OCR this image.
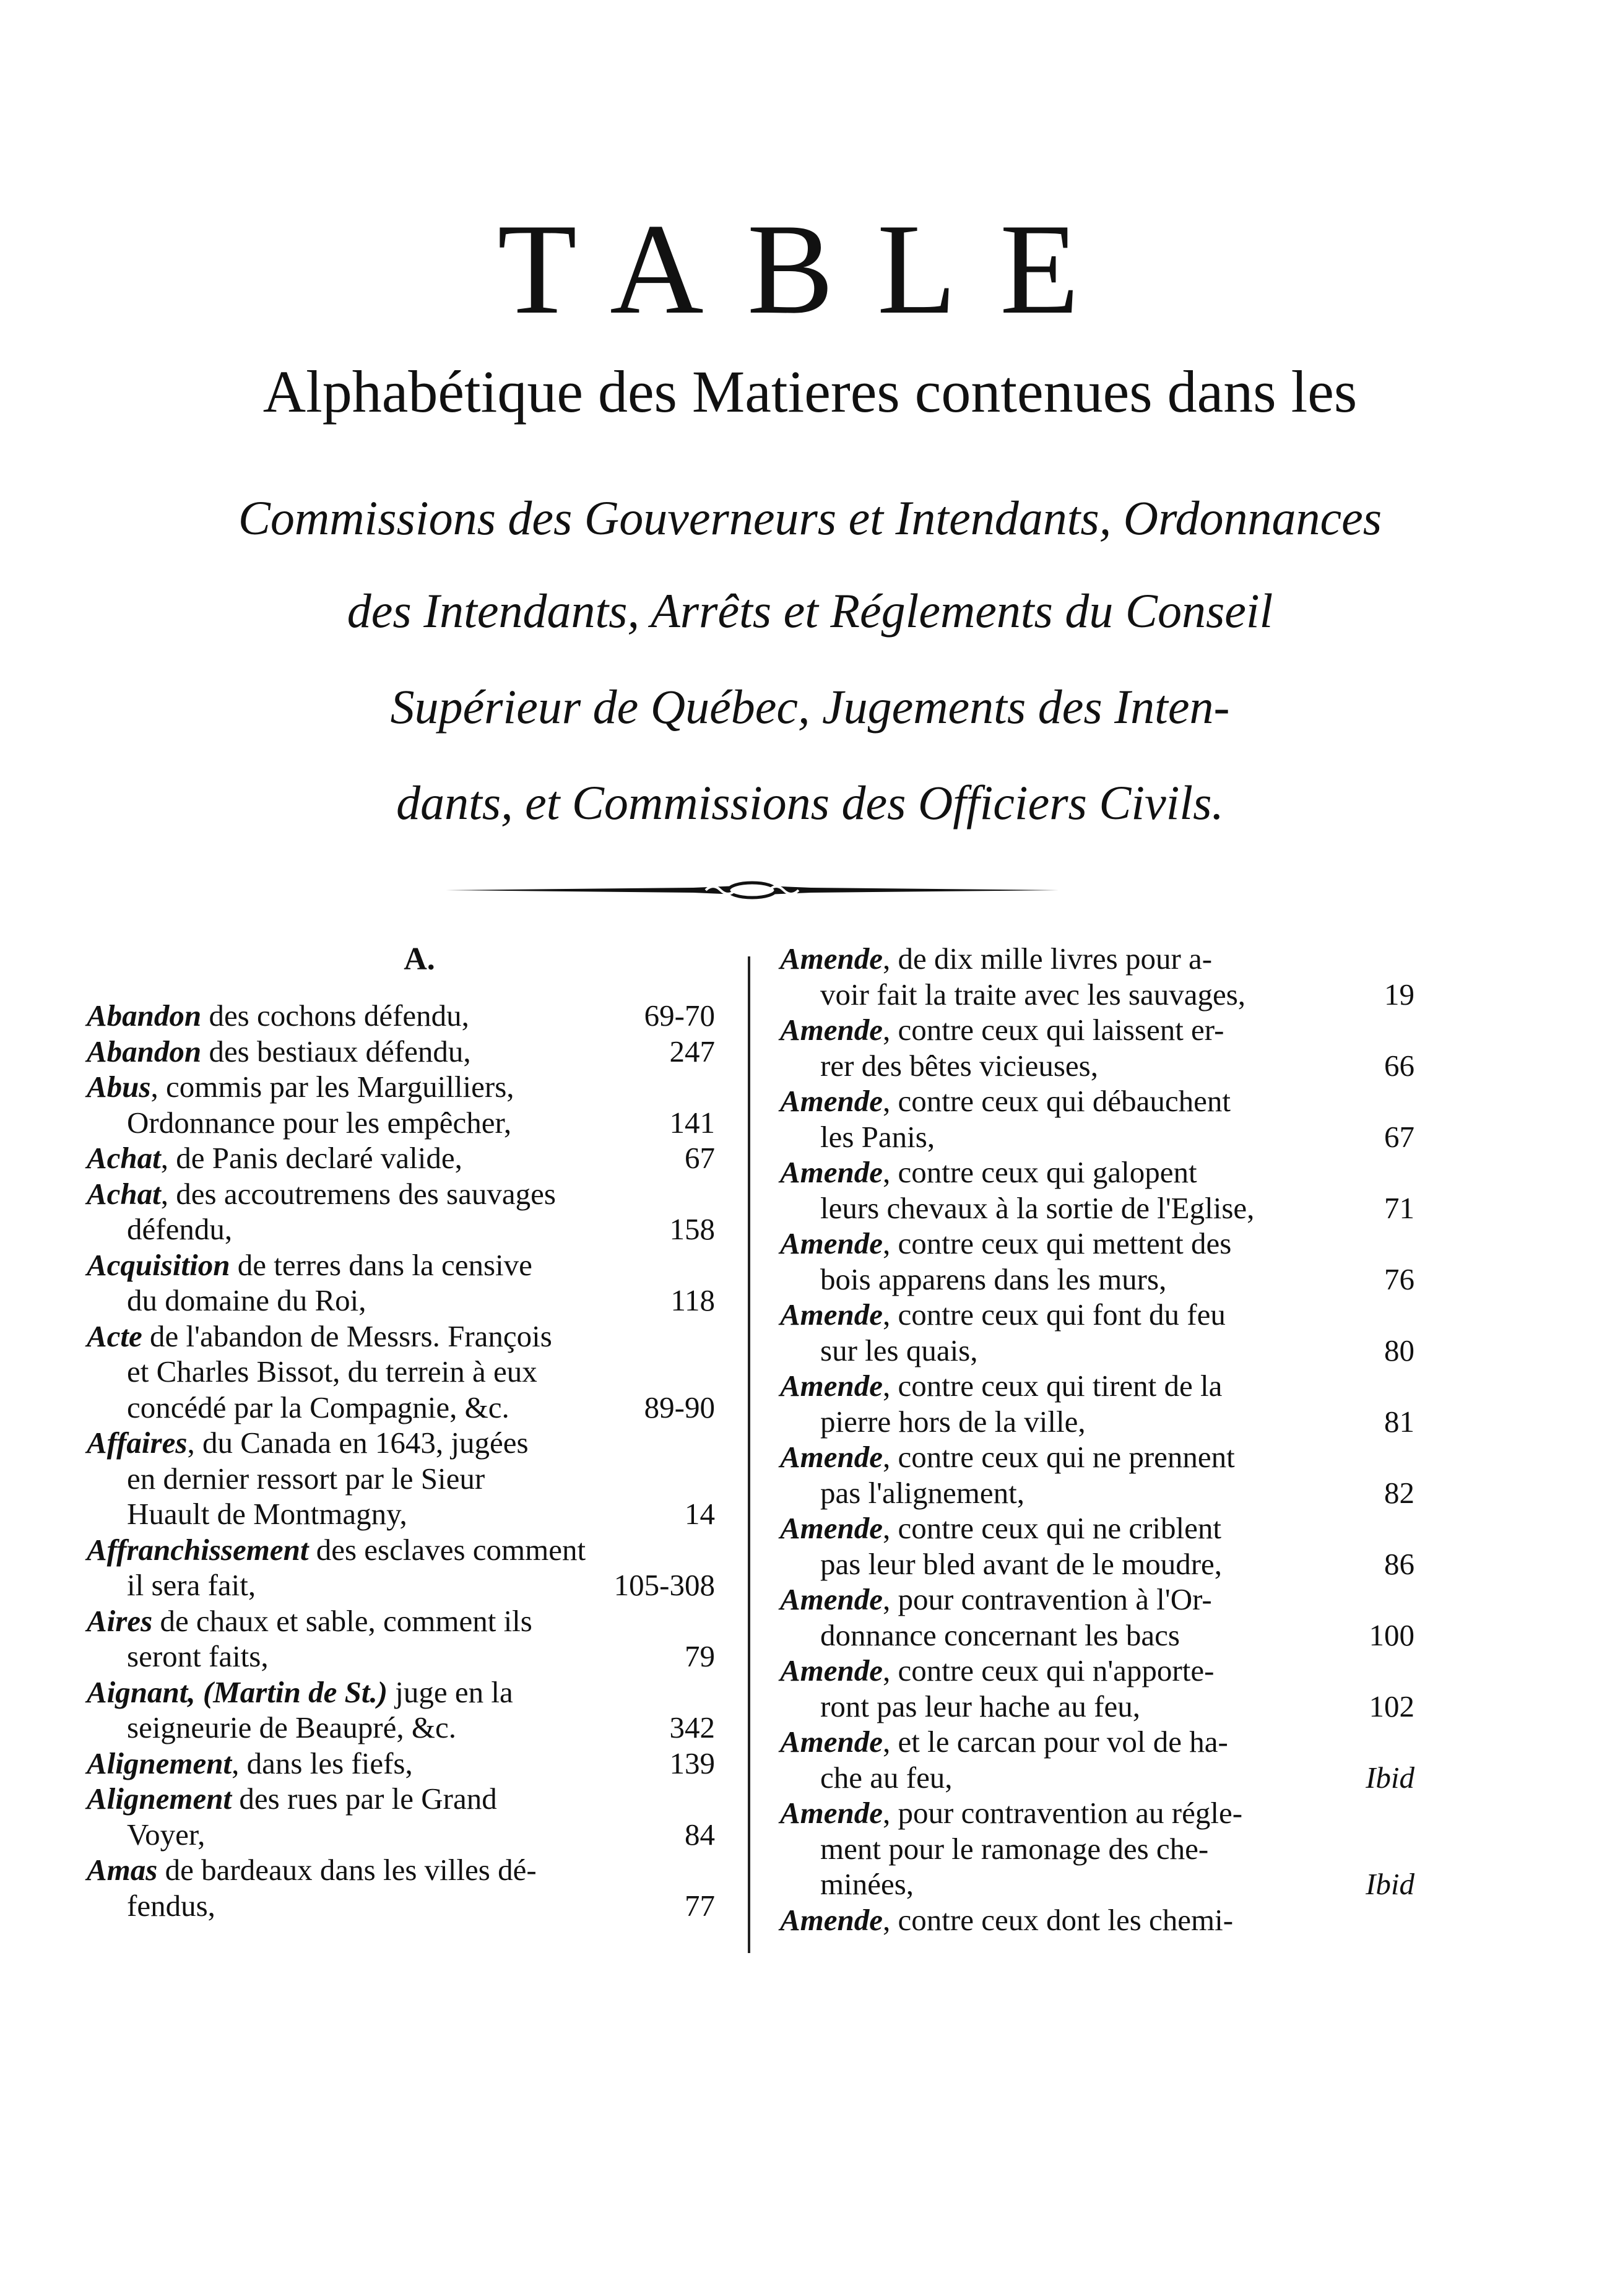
TABLE
Alphabétique des Matieres contenues dans les
Commissions des Gouverneurs et Intendants, Ordonnances
des Intendants, Arrêts et Réglements du Conseil
Supérieur de Québec, Jugements des Inten-
dants, et Commissions des Officiers Civils.
A.
Abandon des cochons défendu,	69-70
Abandon des bestiaux défendu,	247
Abus, commis par les Marguilliers,
Ordonnance pour les empêcher,	141
Achat, de Panis declaré valide,	67
Achat, des accoutremens des sauvages
défendu,	158
Acquisition de terres dans la censive
du domaine du Roi,	118
Acte de l'abandon de Messrs. François
et Charles Bissot, du terrein à eux
concédé par la Compagnie, &c.	89-90
Affaires, du Canada en 1643, jugées
en dernier ressort par le Sieur
Huault de Montmagny,	14
Affranchissement des esclaves comment
il sera fait,	105-308
Aires de chaux et sable, comment ils
seront faits,	79
Aignant, (Martin de St.) juge en la
seigneurie de Beaupré, &c.	342
Alignement, dans les fiefs,	139
Alignement des rues par le Grand
Voyer,	84
Amas de bardeaux dans les villes dé-
fendus,	77
Amende, de dix mille livres pour a-
voir fait la traite avec les sauvages,	19
Amende, contre ceux qui laissent er-
rer des bêtes vicieuses,	66
Amende, contre ceux qui débauchent
les Panis,	67
Amende, contre ceux qui galopent
leurs chevaux à la sortie de l'Eglise,	71
Amende, contre ceux qui mettent des
bois apparens dans les murs,	76
Amende, contre ceux qui font du feu
sur les quais,	80
Amende, contre ceux qui tirent de la
pierre hors de la ville,	81
Amende, contre ceux qui ne prennent
pas l'alignement,	82
Amende, contre ceux qui ne criblent
pas leur bled avant de le moudre,	86
Amende, pour contravention à l'Or-
donnance concernant les bacs	100
Amende, contre ceux qui n'apporte-
ront pas leur hache au feu,	102
Amende, et le carcan pour vol de ha-
che au feu,	Ibid
Amende, pour contravention au régle-
ment pour le ramonage des che-
minées,	Ibid
Amende, contre ceux dont les chemi-
